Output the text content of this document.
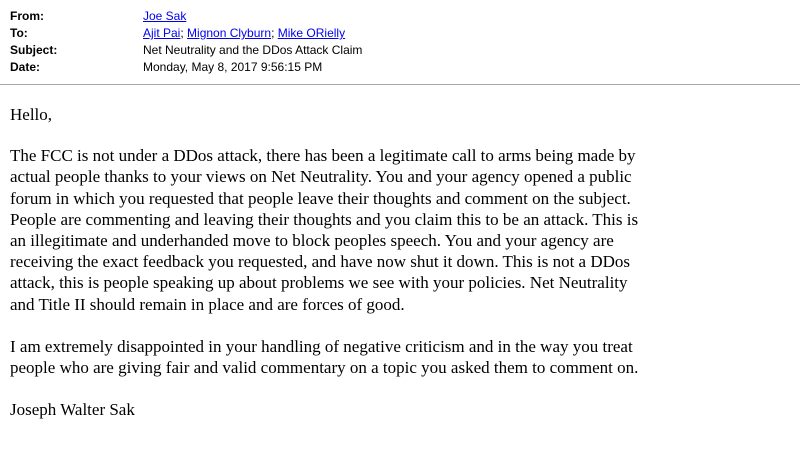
From:	Joe Sak
To:	Ajit Pai; Mignon Clyburn; Mike ORielly
Subject:	Net Neutrality and the DDos Attack Claim
Date:	Monday, May 8, 2017 9:56:15 PM

Hello,

The FCC is not under a DDos attack, there has been a legitimate call to arms being made by
actual people thanks to your views on Net Neutrality. You and your agency opened a public
forum in which you requested that people leave their thoughts and comment on the subject.
People are commenting and leaving their thoughts and you claim this to be an attack. This is
an illegitimate and underhanded move to block peoples speech. You and your agency are
receiving the exact feedback you requested, and have now shut it down. This is not a DDos
attack, this is people speaking up about problems we see with your policies. Net Neutrality
and Title II should remain in place and are forces of good.

I am extremely disappointed in your handling of negative criticism and in the way you treat
people who are giving fair and valid commentary on a topic you asked them to comment on.

Joseph Walter Sak
